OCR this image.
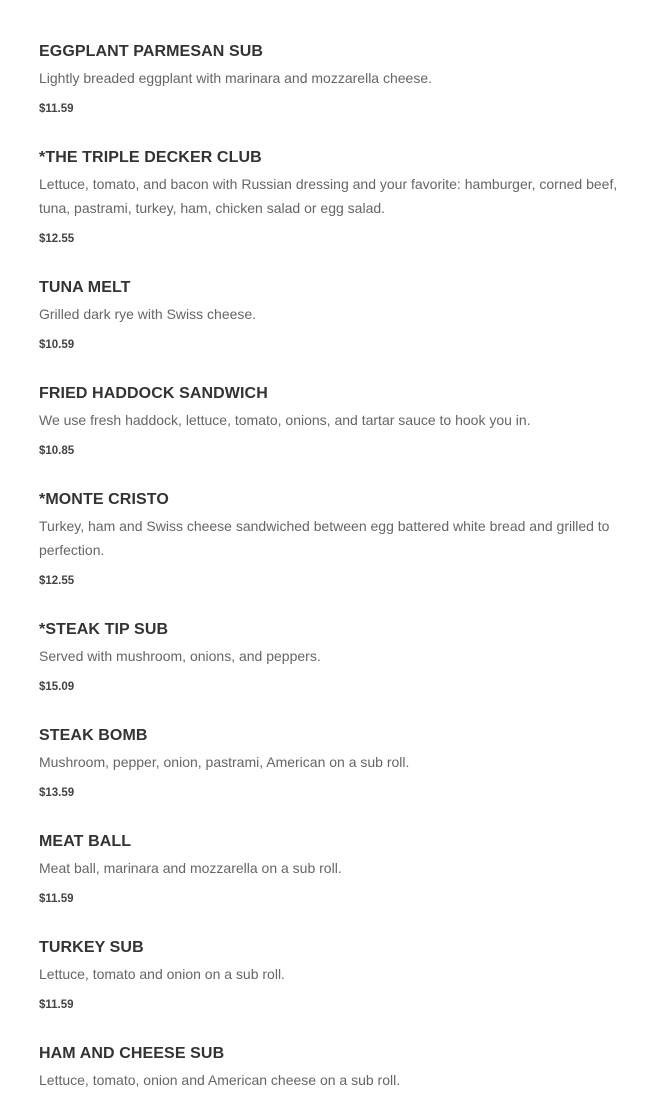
EGGPLANT PARMESAN SUB

Lightly breaded eggplant with marinara and mozzarella cheese.

$11.59

*THE TRIPLE DECKER CLUB

Lettuce, tomato, and bacon with Russian dressing and your favorite: hamburger, corned beef, tuna, pastrami, turkey, ham, chicken salad or egg salad.

$12.55

TUNA MELT

Grilled dark rye with Swiss cheese.

$10.59

FRIED HADDOCK SANDWICH

We use fresh haddock, lettuce, tomato, onions, and tartar sauce to hook you in.

$10.85

*MONTE CRISTO

Turkey, ham and Swiss cheese sandwiched between egg battered white bread and grilled to perfection.

$12.55

*STEAK TIP SUB

Served with mushroom, onions, and peppers.

$15.09

STEAK BOMB

Mushroom, pepper, onion, pastrami, American on a sub roll.

$13.59

MEAT BALL

Meat ball, marinara and mozzarella on a sub roll.

$11.59

TURKEY SUB

Lettuce, tomato and onion on a sub roll.

$11.59

HAM AND CHEESE SUB

Lettuce, tomato, onion and American cheese on a sub roll.
